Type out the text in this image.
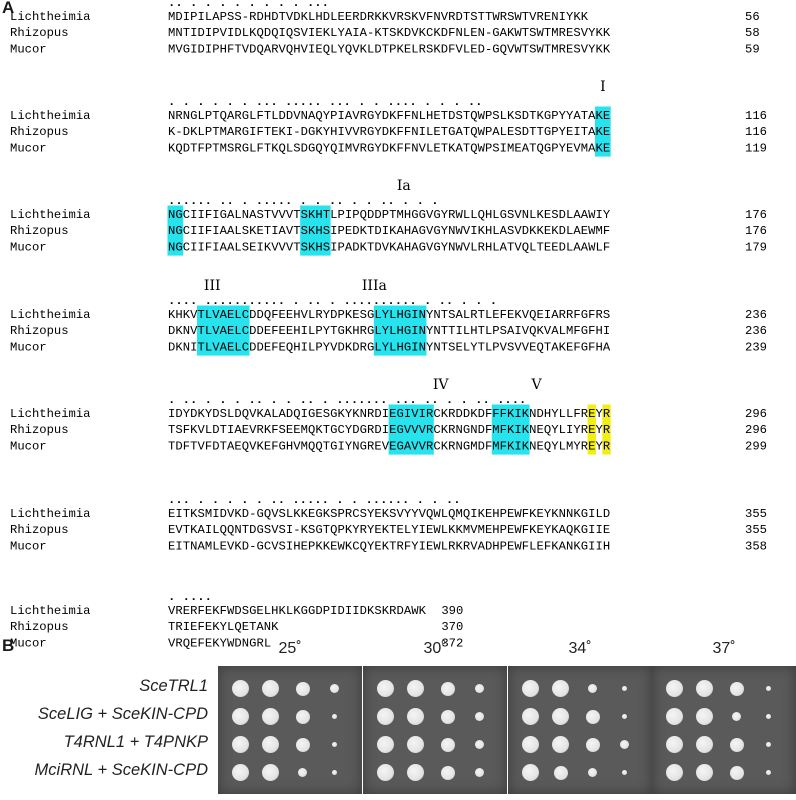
A	.. . . . . . . . . ...
Lichtheimia	MDIPILAPSS-RDHDTVDKLHDLEERDRKKVRSKVFNVRDTSTTWRSWTVRENIYKK	56
Rhizopus	MNTIDIPVIDLKQDQIQSVIEKLYAIA-KTSKDVKCKDFNLEN-GAKWTSWTMRESVYKK	58
Mucor	MVGIDIPHFTVDQARVQHVIEQLYQVKLDTPKELRSKDFVLED-GQVWTSWTMRESVYKK	59
. . . . . . ... ..... ... . . .... . . . ..
I
Lichtheimia	NRNGLPTQARGLFTLDDVNAQYPIAVRGYDKFFNLHETDSTQWPSLKSDTKGPYYATAKE	116
Rhizopus	K-DKLPTMARGIFTEKI-DGKYHIVVRGYDKFFNILETGATQWPALESDTTGPYEITAKE	116
Mucor	KQDTFPTMSRGLFTKQLSDGQYQIMVRGYDKFFNVLETKATQWPSIMEATQGPYEVMAKE	119
...... .. . ..... . . .. . . .. . . .
Ia
Lichtheimia	NGCIIFIGALNASTVVVTSKHTLPIPQDDPTMHGGVGYRWLLQHLGSVNLKESDLAAWIY	176
Rhizopus	NGCIIFIAALSKETIAVTSKHSIPEDKTDIKAHAGVGYNWVIKHLASVDKKEKDLAEWMF	176
Mucor	NGCIIFIAALSEIKVVVTSKHSIPADKTDVKAHAGVGYNWVLRHLATVQLTEEDLAAWLF	179
.... ........... . .. . .......... . .. . . .
III	IIIa
Lichtheimia	KHKVTLVAELCDDQFEEHVLRYDPKESGLYLHGINYNTSALRTLEFEKVQEIARRFGFRS	236
Rhizopus	DKNVTLVAELCDDEFEEHILPYTGKHRGLYLHGINYNTTILHTLPSAIVQKVALMFGFHI	236
Mucor	DKNITLVAELCDDEFEQHILPYVDKDRGLYLHGINYNTSELYTLPVSVVEQTAKEFGFHA	239
. .. . . . .. . . .. . ....... ... .. . . .. ....
IV	V
Lichtheimia	IDYDKYDSLDQVKALADQIGESGKYKNRDIEGIVIRCKRDDKDFFFKIKNDHYLLFREYR	296
Rhizopus	TSFKVLDTIAEVRKFSEEMQKTGCYDGRDIEGVVVRCKRNGNDFMFKIKNEQYLIYREYR	296
Mucor	TDFTVFDTAEQVKEFGHVMQQTGIYNGREVEGAVVRCKRNGMDFMFKIKNEQYLMYREYR	299
... . . . . . .. ..... . . ...... . . ..
Lichtheimia	EITKSMIDVKD-GQVSLKKEGKSPRCSYEKSVYYVQWLQMQIKEHPEWFKEYKNNKGILD	355
Rhizopus	EVTKAILQQNTDGSVSI-KSGTQPKYRYEKTELYIEWLKKMVMEHPEWFKEYKAQKGIIE	355
Mucor	EITNAMLEVKD-GCVSIHEPKKEWKCQYEKTRFYIEWLRKRVADHPEWFLEFKANKGIIH	358
. ....
Lichtheimia	VRERFEKFWDSGELHKLKGGDPIDIIDKSKRDAWK 390
Rhizopus	TRIEFEKYLQETANK	370
Mucor	VRQEFEKYWDNGRL	372
B	25˚	30˚	34˚	37˚
SceTRL1
SceLIG + SceKIN-CPD
T4RNL1 + T4PNKP
MciRNL + SceKIN-CPD
